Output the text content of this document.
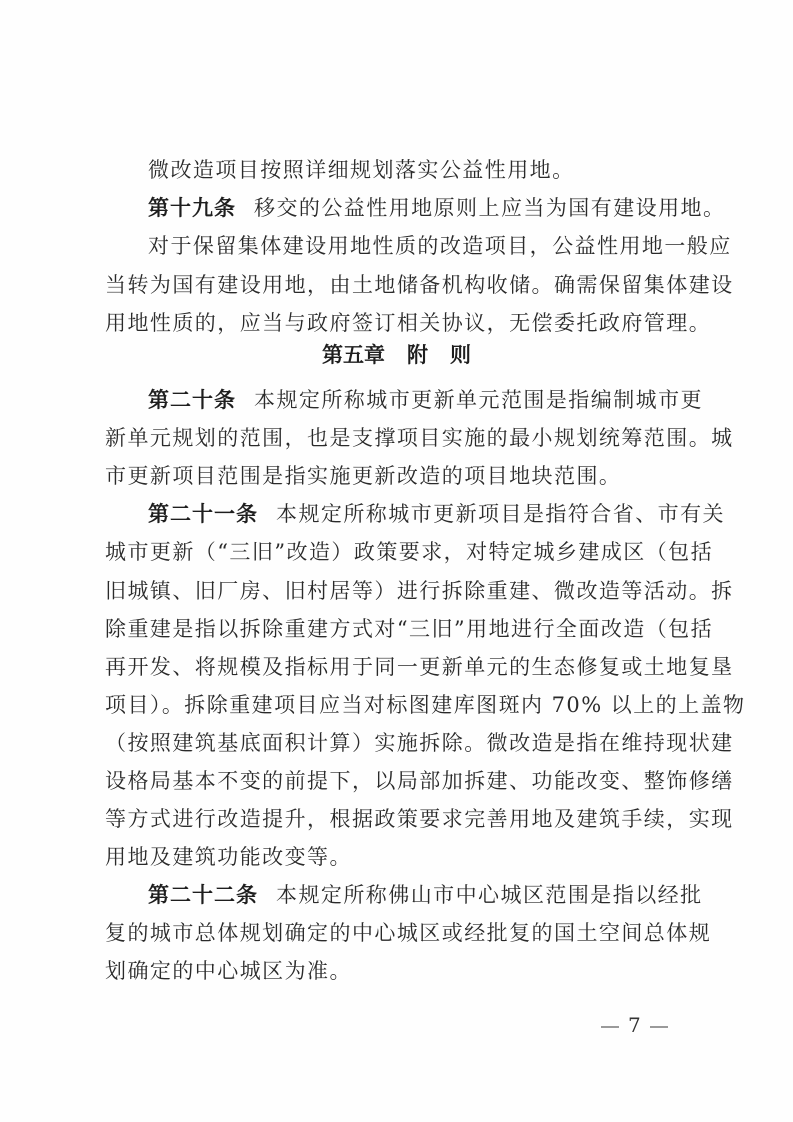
微改造项目按照详细规划落实公益性用地。
第十九条 移交的公益性用地原则上应当为国有建设用地。
对于保留集体建设用地性质的改造项目，公益性用地一般应
当转为国有建设用地，由土地储备机构收储。确需保留集体建设
用地性质的，应当与政府签订相关协议，无偿委托政府管理。
第五章 附 则
第二十条 本规定所称城市更新单元范围是指编制城市更
新单元规划的范围，也是支撑项目实施的最小规划统筹范围。城
市更新项目范围是指实施更新改造的项目地块范围。
第二十一条 本规定所称城市更新项目是指符合省、市有关
城市更新（“三旧”改造）政策要求，对特定城乡建成区（包括
旧城镇、旧厂房、旧村居等）进行拆除重建、微改造等活动。拆
除重建是指以拆除重建方式对“三旧”用地进行全面改造（包括
再开发、将规模及指标用于同一更新单元的生态修复或土地复垦
项目）。拆除重建项目应当对标图建库图斑内 70% 以上的上盖物
（按照建筑基底面积计算）实施拆除。微改造是指在维持现状建
设格局基本不变的前提下，以局部加拆建、功能改变、整饰修缮
等方式进行改造提升，根据政策要求完善用地及建筑手续，实现
用地及建筑功能改变等。
第二十二条 本规定所称佛山市中心城区范围是指以经批
复的城市总体规划确定的中心城区或经批复的国土空间总体规
划确定的中心城区为准。
7
